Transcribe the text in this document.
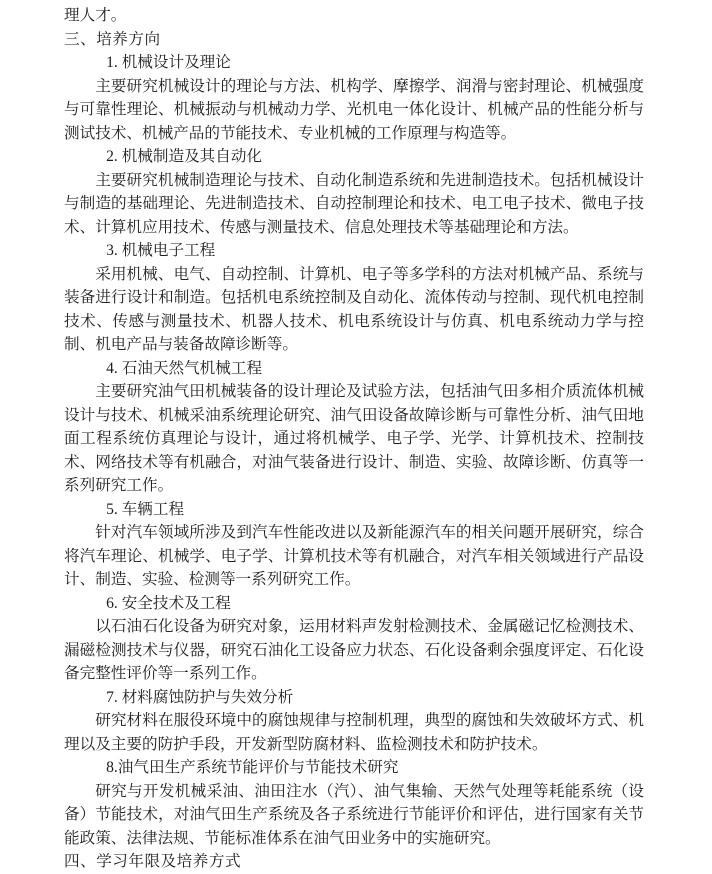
理人才。

三、培养方向

1. 机械设计及理论

主要研究机械设计的理论与方法、机构学、摩擦学、润滑与密封理论、机械强度与可靠性理论、机械振动与机械动力学、光机电一体化设计、机械产品的性能分析与测试技术、机械产品的节能技术、专业机械的工作原理与构造等。

2. 机械制造及其自动化

主要研究机械制造理论与技术、自动化制造系统和先进制造技术。包括机械设计与制造的基础理论、先进制造技术、自动控制理论和技术、电工电子技术、微电子技术、计算机应用技术、传感与测量技术、信息处理技术等基础理论和方法。

3. 机械电子工程

采用机械、电气、自动控制、计算机、电子等多学科的方法对机械产品、系统与装备进行设计和制造。包括机电系统控制及自动化、流体传动与控制、现代机电控制技术、传感与测量技术、机器人技术、机电系统设计与仿真、机电系统动力学与控制、机电产品与装备故障诊断等。

4. 石油天然气机械工程

主要研究油气田机械装备的设计理论及试验方法，包括油气田多相介质流体机械设计与技术、机械采油系统理论研究、油气田设备故障诊断与可靠性分析、油气田地面工程系统仿真理论与设计，通过将机械学、电子学、光学、计算机技术、控制技术、网络技术等有机融合，对油气装备进行设计、制造、实验、故障诊断、仿真等一系列研究工作。

5. 车辆工程

针对汽车领域所涉及到汽车性能改进以及新能源汽车的相关问题开展研究，综合将汽车理论、机械学、电子学、计算机技术等有机融合，对汽车相关领域进行产品设计、制造、实验、检测等一系列研究工作。

6. 安全技术及工程

以石油石化设备为研究对象，运用材料声发射检测技术、金属磁记忆检测技术、漏磁检测技术与仪器，研究石油化工设备应力状态、石化设备剩余强度评定、石化设备完整性评价等一系列工作。

7. 材料腐蚀防护与失效分析

研究材料在服役环境中的腐蚀规律与控制机理，典型的腐蚀和失效破坏方式、机理以及主要的防护手段，开发新型防腐材料、监检测技术和防护技术。

8.油气田生产系统节能评价与节能技术研究

研究与开发机械采油、油田注水（汽）、油气集输、天然气处理等耗能系统（设备）节能技术，对油气田生产系统及各子系统进行节能评价和评估，进行国家有关节能政策、法律法规、节能标准体系在油气田业务中的实施研究。

四、学习年限及培养方式
